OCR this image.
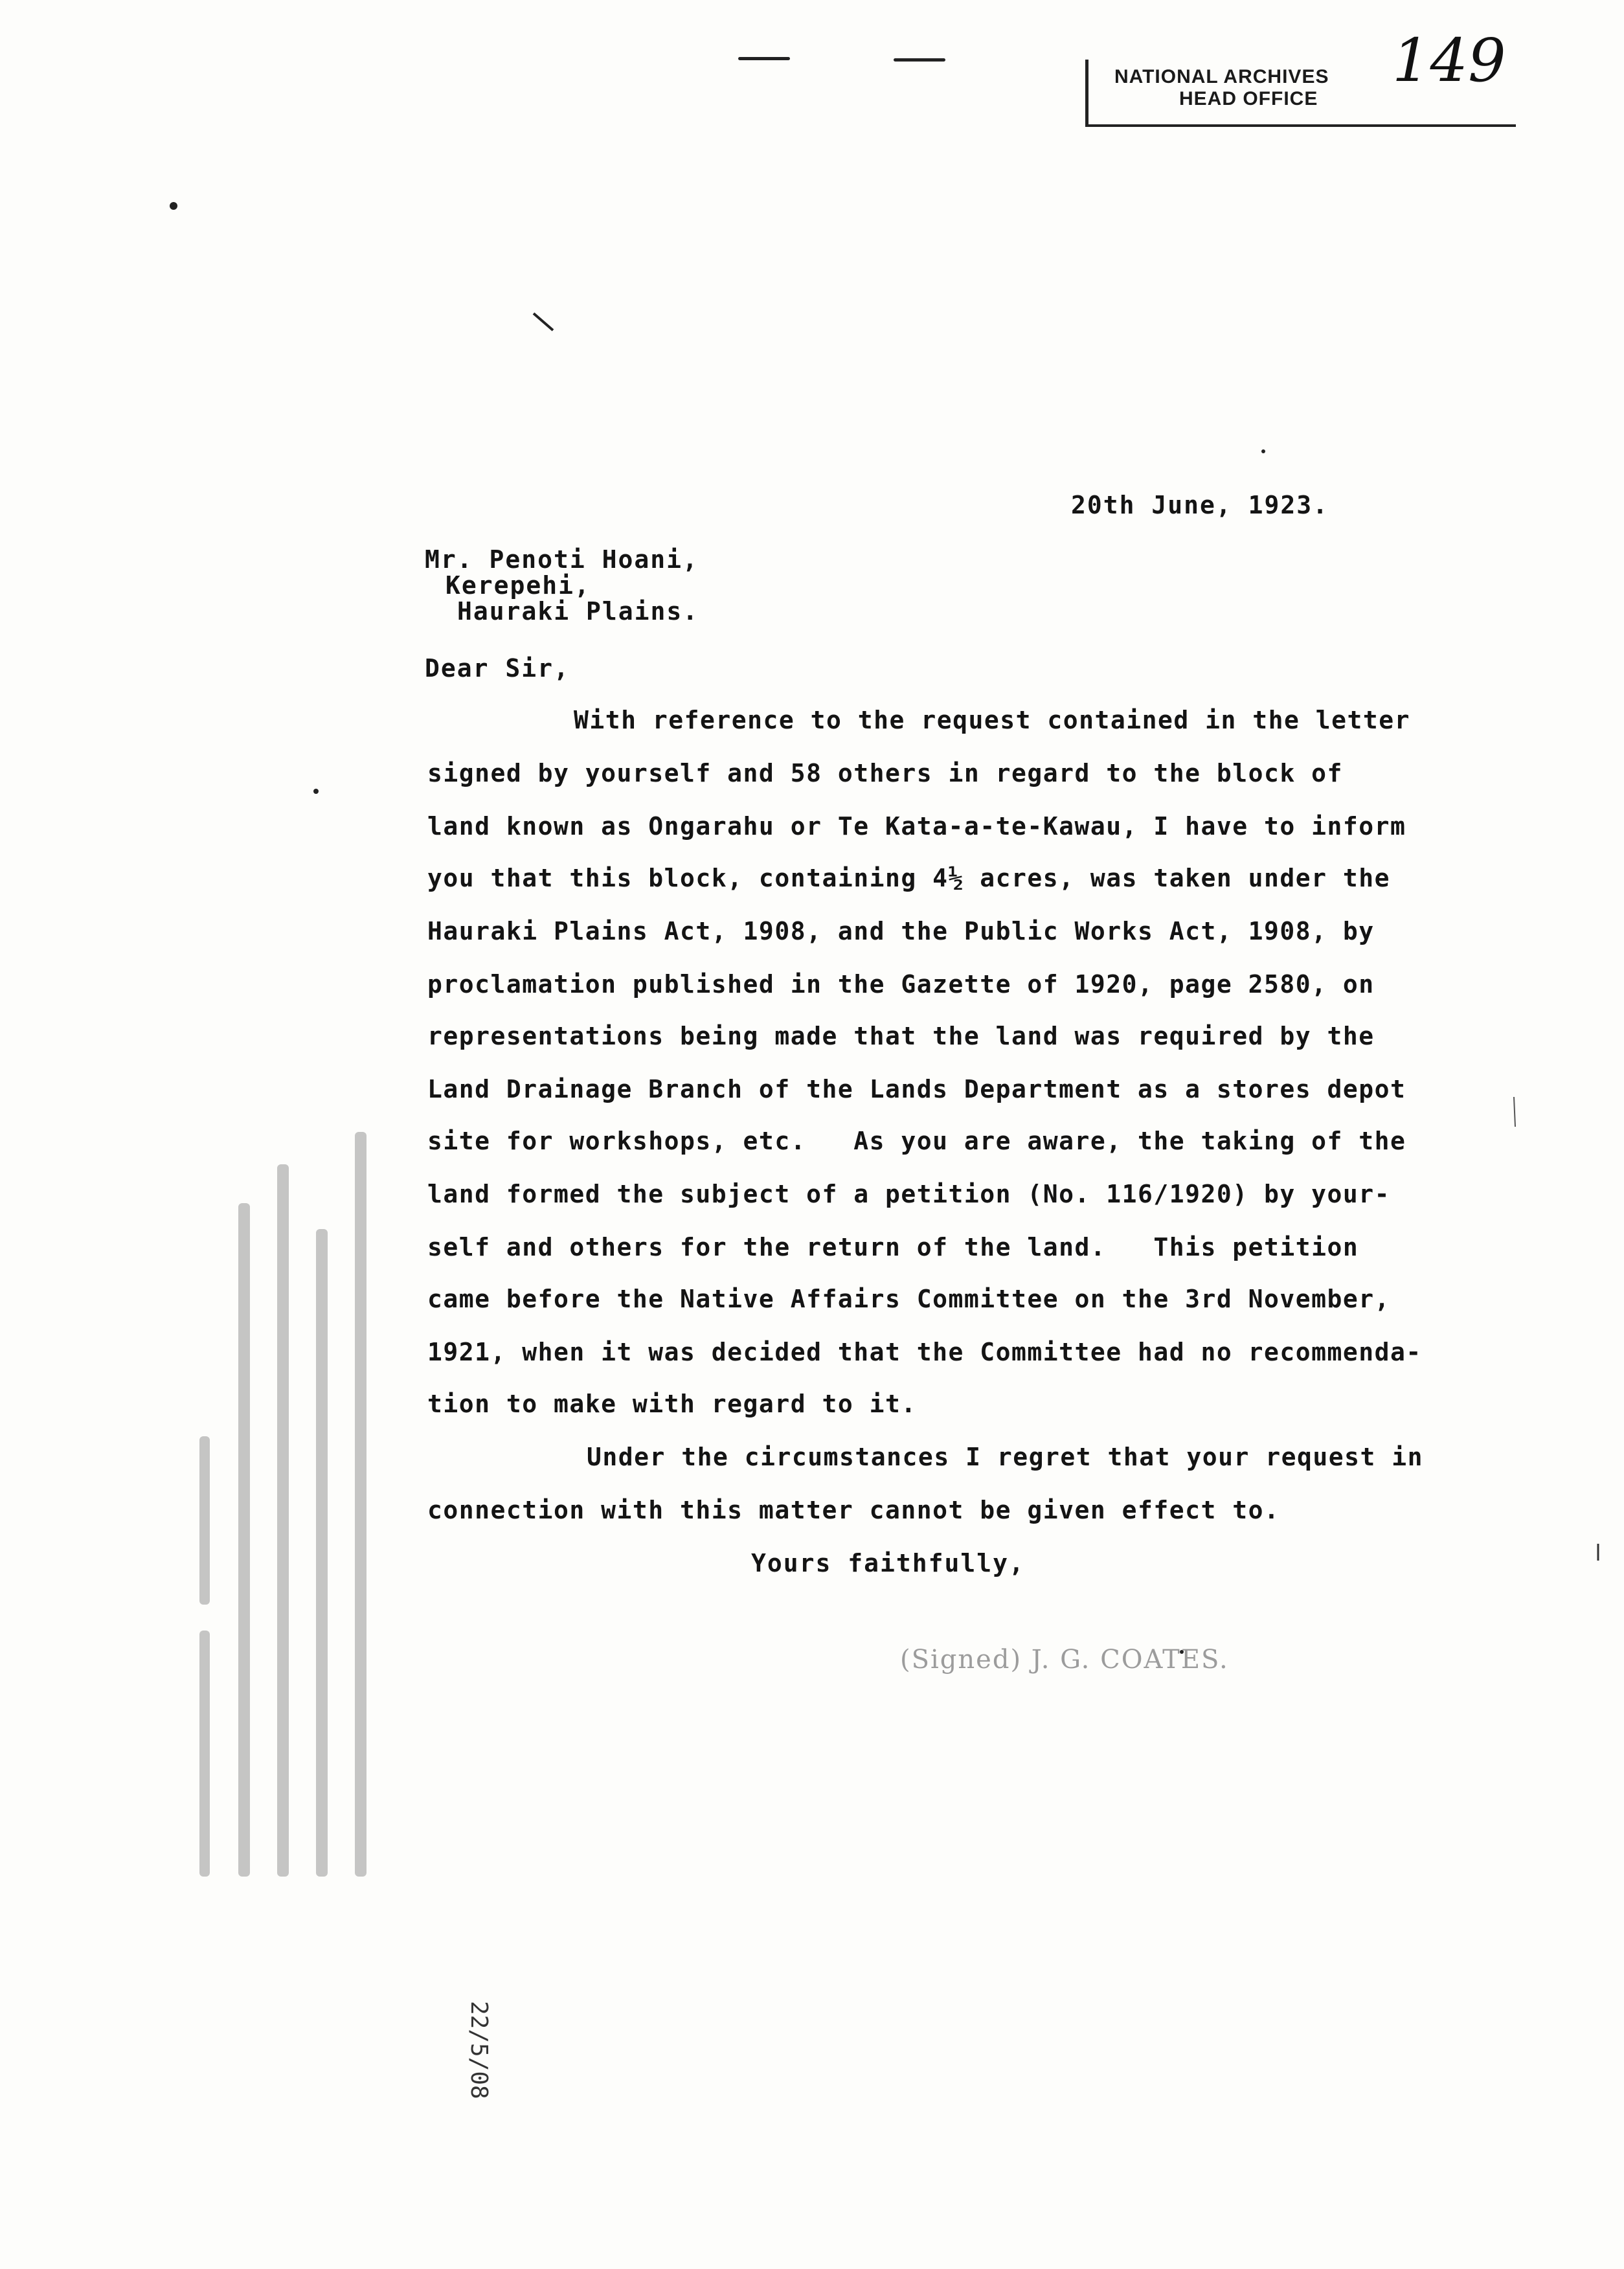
NATIONAL ARCHIVES
HEAD OFFICE
149
20th June, 1923.
Mr. Penoti Hoani,
Kerepehi,
Hauraki Plains.
Dear Sir,
With reference to the request contained in the letter
signed by yourself and 58 others in regard to the block of
land known as Ongarahu or Te Kata-a-te-Kawau, I have to inform
you that this block, containing 4½ acres, was taken under the
Hauraki Plains Act, 1908, and the Public Works Act, 1908, by
proclamation published in the Gazette of 1920, page 2580, on
representations being made that the land was required by the
Land Drainage Branch of the Lands Department as a stores depot
site for workshops, etc.   As you are aware, the taking of the
land formed the subject of a petition (No. 116/1920) by your-
self and others for the return of the land.   This petition
came before the Native Affairs Committee on the 3rd November,
1921, when it was decided that the Committee had no recommenda-
tion to make with regard to it.
Under the circumstances I regret that your request in
connection with this matter cannot be given effect to.
Yours faithfully,
(Signed) J. G. COATES.

22/5/08
